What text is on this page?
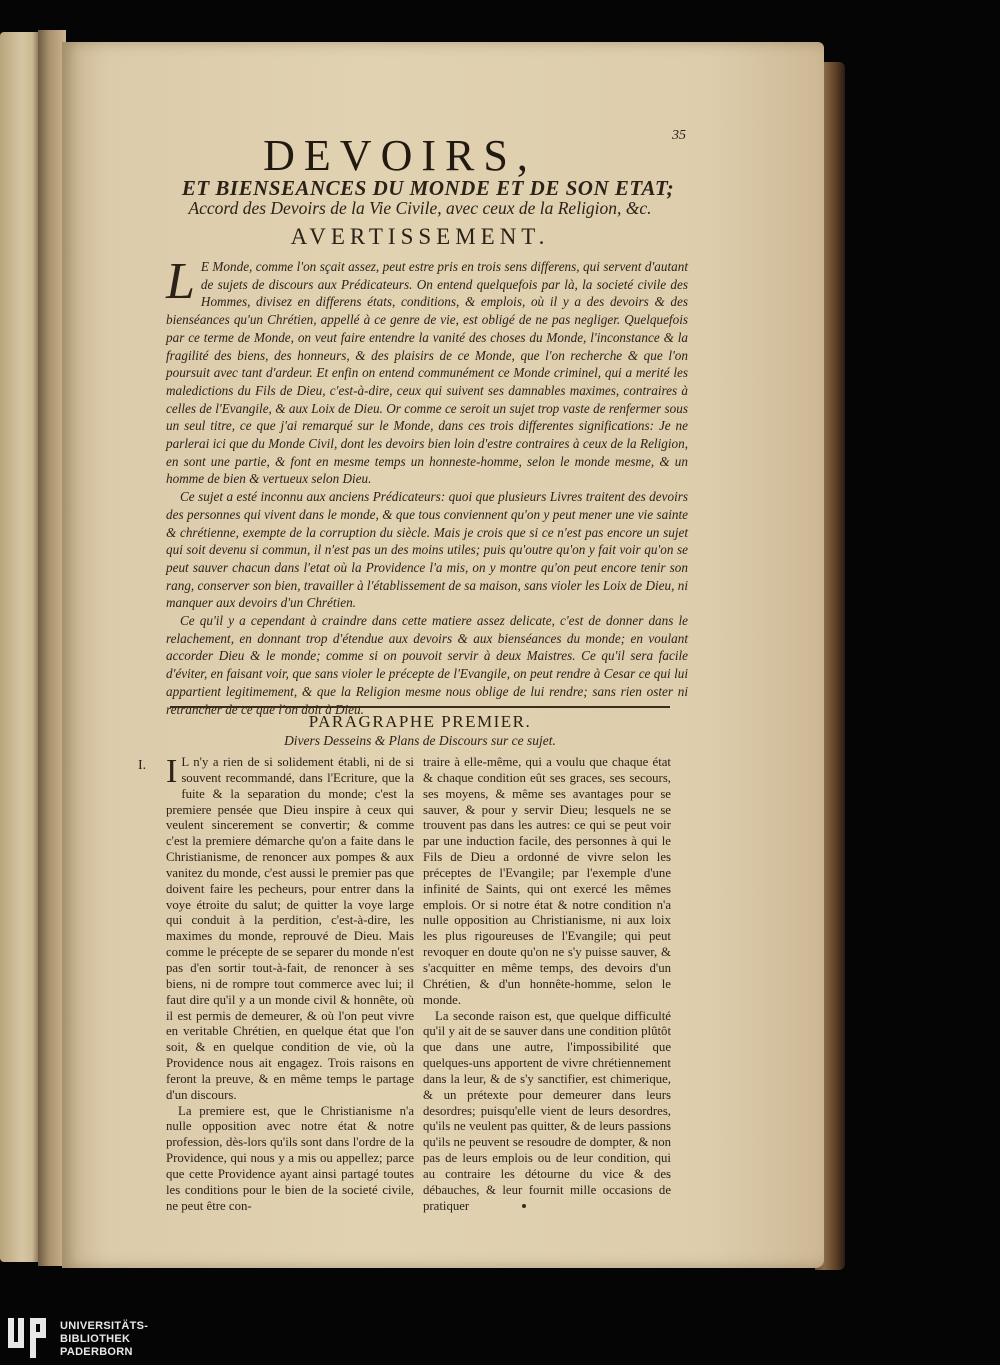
35
DEVOIRS,
ET BIENSEANCES DU MONDE ET DE SON ETAT;
Accord des Devoirs de la Vie Civile, avec ceux de la Religion, &c.
AVERTISSEMENT.

L E Monde, comme l'on sçait assez, peut estre pris en trois sens differens, qui servent d'autant de sujets de discours aux Prédicateurs. On entend quelquefois par là, la societé civile des Hommes, divisez en differens états, conditions, & emplois, où il y a des devoirs & des bienséances qu'un Chrétien, appellé à ce genre de vie, est obligé de ne pas negliger. Quelquefois par ce terme de Monde, on veut faire entendre la vanité des choses du Monde, l'inconstance & la fragilité des biens, des honneurs, & des plaisirs de ce Monde, que l'on recherche & que l'on poursuit avec tant d'ardeur. Et enfin on entend communément ce Monde criminel, qui a merité les maledictions du Fils de Dieu, c'est-à-dire, ceux qui suivent ses damnables maximes, contraires à celles de l'Evangile, & aux Loix de Dieu. Or comme ce seroit un sujet trop vaste de renfermer sous un seul titre, ce que j'ai remarqué sur le Monde, dans ces trois differentes significations: Je ne parlerai ici que du Monde Civil, dont les devoirs bien loin d'estre contraires à ceux de la Religion, en sont une partie, & font en mesme temps un honneste-homme, selon le monde mesme, & un homme de bien & vertueux selon Dieu.

Ce sujet a esté inconnu aux anciens Prédicateurs: quoi que plusieurs Livres traitent des devoirs des personnes qui vivent dans le monde, & que tous conviennent qu'on y peut mener une vie sainte & chrétienne, exempte de la corruption du siècle. Mais je crois que si ce n'est pas encore un sujet qui soit devenu si commun, il n'est pas un des moins utiles; puis qu'outre qu'on y fait voir qu'on se peut sauver chacun dans l'etat où la Providence l'a mis, on y montre qu'on peut encore tenir son rang, conserver son bien, travailler à l'établissement de sa maison, sans violer les Loix de Dieu, ni manquer aux devoirs d'un Chrétien.

Ce qu'il y a cependant à craindre dans cette matiere assez delicate, c'est de donner dans le relachement, en donnant trop d'étendue aux devoirs & aux bienséances du monde; en voulant accorder Dieu & le monde; comme si on pouvoit servir à deux Maistres. Ce qu'il sera facile d'éviter, en faisant voir, que sans violer le précepte de l'Evangile, on peut rendre à Cesar ce qui lui appartient legitimement, & que la Religion mesme nous oblige de lui rendre; sans rien oster ni retrancher de ce que l'on doit à Dieu.

PARAGRAPHE PREMIER.
Divers Desseins & Plans de Discours sur ce sujet.
I. I L n'y a rien de si solidement établi, ni de si souvent recommandé, dans l'Ecriture, que la fuite & la separation du monde; c'est la premiere pensée que Dieu inspire à ceux qui veulent sincerement se convertir; & comme c'est la premiere démarche qu'on a faite dans le Christianisme, de renoncer aux pompes & aux vanitez du monde, c'est aussi le premier pas que doivent faire les pecheurs, pour entrer dans la voye étroite du salut; de quitter la voye large qui conduit à la perdition, c'est-à-dire, les maximes du monde, reprouvé de Dieu. Mais comme le précepte de se separer du monde n'est pas d'en sortir tout-à-fait, de renoncer à ses biens, ni de rompre tout commerce avec lui; il faut dire qu'il y a un monde civil & honnête, où il est permis de demeurer, & où l'on peut vivre en veritable Chrétien, en quelque état que l'on soit, & en quelque condition de vie, où la Providence nous ait engagez. Trois raisons en feront la preuve, & en même temps le partage d'un discours.

La premiere est, que le Christianisme n'a nulle opposition avec notre état & notre profession, dès-lors qu'ils sont dans l'ordre de la Providence, qui nous y a mis ou appellez; parce que cette Providence ayant ainsi partagé toutes les conditions pour le bien de la societé civile, ne peut être con-

traire à elle-même, qui a voulu que chaque état & chaque condition eût ses graces, ses secours, ses moyens, & même ses avantages pour se sauver, & pour y servir Dieu; lesquels ne se trouvent pas dans les autres: ce qui se peut voir par une induction facile, des personnes à qui le Fils de Dieu a ordonné de vivre selon les préceptes de l'Evangile; par l'exemple d'une infinité de Saints, qui ont exercé les mêmes emplois. Or si notre état & notre condition n'a nulle opposition au Christianisme, ni aux loix les plus rigoureuses de l'Evangile; qui peut revoquer en doute qu'on ne s'y puisse sauver, & s'acquitter en même temps, des devoirs d'un Chrétien, & d'un honnête-homme, selon le monde.

La seconde raison est, que quelque difficulté qu'il y ait de se sauver dans une condition plûtôt que dans une autre, l'impossibilité que quelques-uns apportent de vivre chrétiennement dans la leur, & de s'y sanctifier, est chimerique, & un prétexte pour demeurer dans leurs desordres; puisqu'elle vient de leurs desordres, qu'ils ne veulent pas quitter, & de leurs passions qu'ils ne peuvent se resoudre de dompter, & non pas de leurs emplois ou de leur condition, qui au contraire les détourne du vice & des débauches, & leur fournit mille occasions de pratiquer

UNIVERSITÄTS-
BIBLIOTHEK
PADERBORN
